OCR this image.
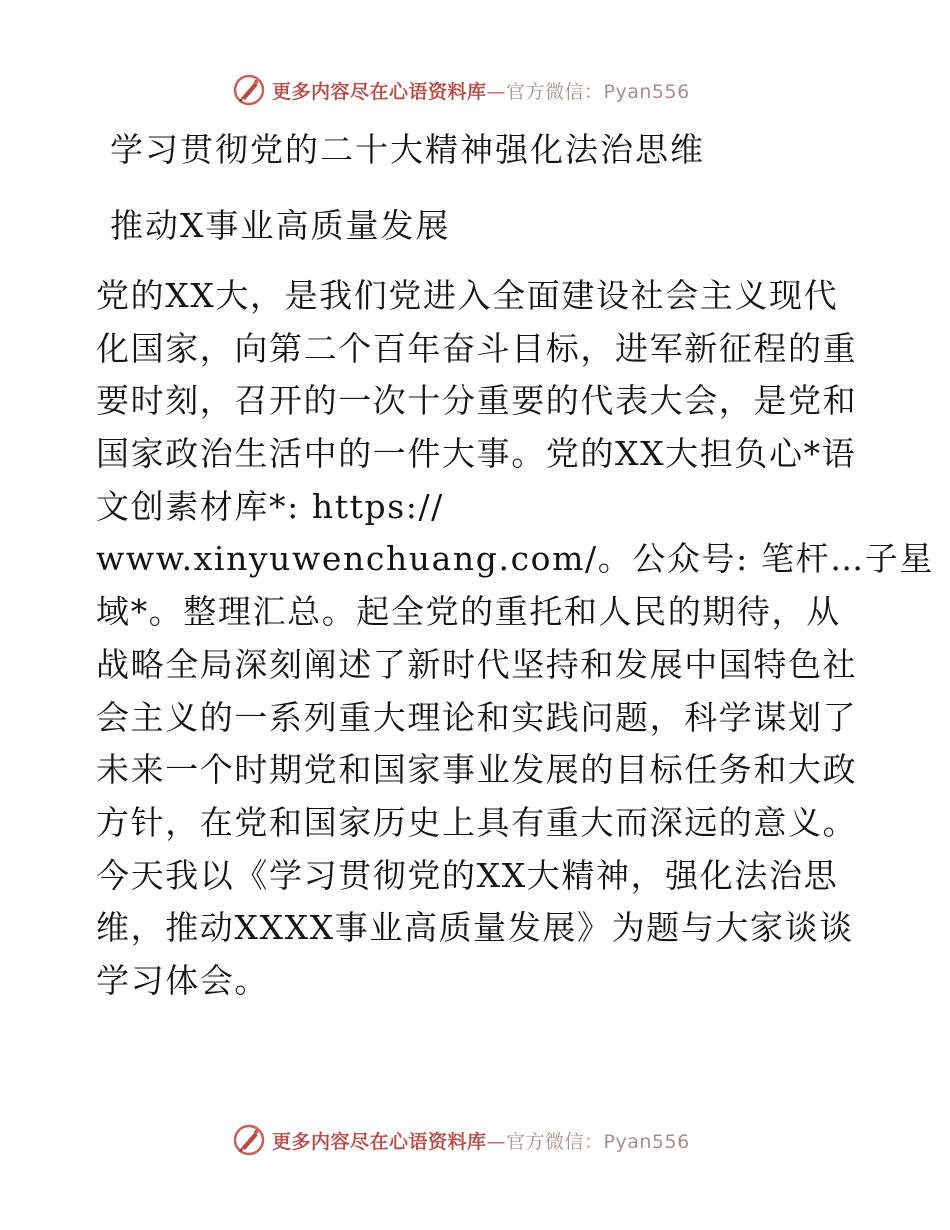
更多内容尽在心语资料库—官方微信：Pyan556
学习贯彻党的二十大精神强化法治思维
推动X事业高质量发展
党的XX大，是我们党进入全面建设社会主义现代
化国家，向第二个百年奋斗目标，进军新征程的重
要时刻，召开的一次十分重要的代表大会，是党和
国家政治生活中的一件大事。党的XX大担负心*语
文创素材库*: https://
www.xinyuwenchuang.com/。公众号: 笔杆…子星
域*。整理汇总。起全党的重托和人民的期待，从
战略全局深刻阐述了新时代坚持和发展中国特色社
会主义的一系列重大理论和实践问题，科学谋划了
未来一个时期党和国家事业发展的目标任务和大政
方针，在党和国家历史上具有重大而深远的意义。
今天我以《学习贯彻党的XX大精神，强化法治思
维，推动XXXX事业高质量发展》为题与大家谈谈
学习体会。
更多内容尽在心语资料库—官方微信：Pyan556
